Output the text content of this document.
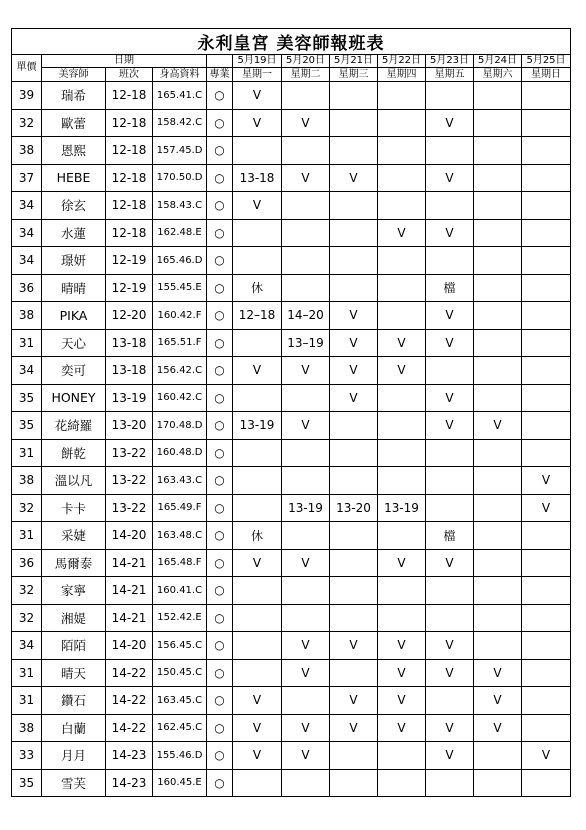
永利皇宮 美容師報班表											
單價	日期				5月19日	5月20日	5月21日	5月22日	5月23日	5月24日	5月25日
	美容師	班次	身高資料	專業	星期一	星期二	星期三	星期四	星期五	星期六	星期日
39	瑞希	12-18	165.41.C	○	V						
32	歐蕾	12-18	158.42.C	○	V	V			V		
38	恩熙	12-18	157.45.D	○							
37	HEBE	12-18	170.50.D	○	13-18	V	V		V		
34	徐玄	12-18	158.43.C	○	V						
34	水蓮	12-18	162.48.E	○				V	V		
34	璟妍	12-19	165.46.D	○							
36	晴晴	12-19	155.45.E	○	休				檔		
38	PIKA	12-20	160.42.F	○	12–18	14–20	V		V		
31	天心	13-18	165.51.F	○		13–19	V	V	V		
34	奕可	13-18	156.42.C	○	V	V	V	V			
35	HONEY	13-19	160.42.C	○			V		V		
35	花綺羅	13-20	170.48.D	○	13-19	V			V	V	
31	餅乾	13-22	160.48.D	○							
38	溫以凡	13-22	163.43.C	○							V
32	卡卡	13-22	165.49.F	○		13-19	13-20	13-19			V
31	采婕	14-20	163.48.C	○	休				檔		
36	馬爾泰	14-21	165.48.F	○	V	V		V	V		
32	家寧	14-21	160.41.C	○							
32	湘媞	14-21	152.42.E	○							
34	陌陌	14-20	156.45.C	○		V	V	V	V		
31	晴天	14-22	150.45.C	○		V		V	V	V	
31	鑽石	14-22	163.45.C	○	V		V	V		V	
38	白蘭	14-22	162.45.C	○	V	V	V	V	V	V	
33	月月	14-23	155.46.D	○	V	V			V		V
35	雪芙	14-23	160.45.E	○							
